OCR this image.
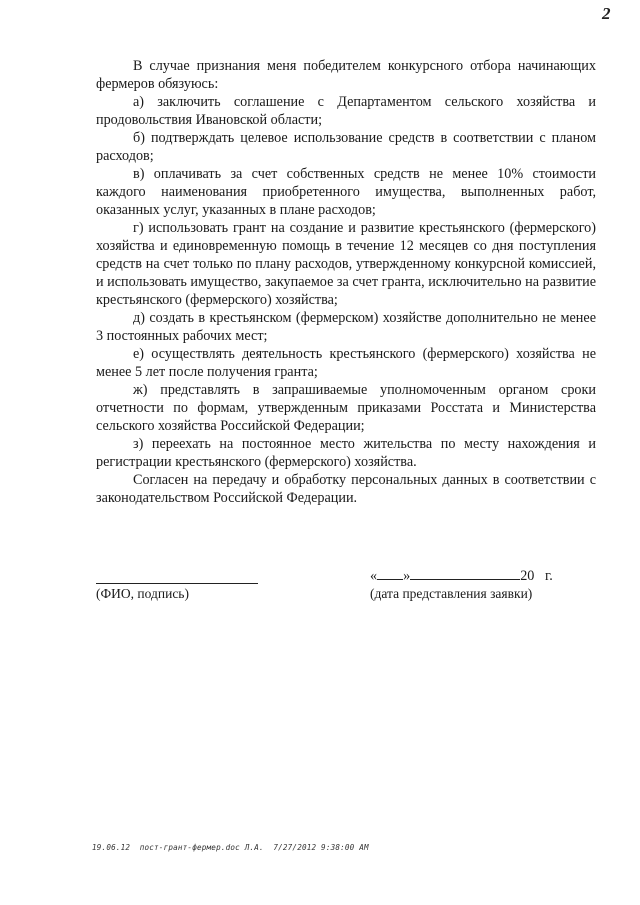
2

В случае признания меня победителем конкурсного отбора начинающих фермеров обязуюсь:

а) заключить соглашение с Департаментом сельского хозяйства и продовольствия Ивановской области;

б) подтверждать целевое использование средств в соответствии с планом расходов;

в) оплачивать за счет собственных средств не менее 10% стоимости каждого наименования приобретенного имущества, выполненных работ, оказанных услуг, указанных в плане расходов;

г) использовать грант на создание и развитие крестьянского (фермерского) хозяйства и единовременную помощь в течение 12 месяцев со дня поступления средств на счет только по плану расходов, утвержденному конкурсной комиссией, и использовать имущество, закупаемое за счет гранта, исключительно на развитие крестьянского (фермерского) хозяйства;

д) создать в крестьянском (фермерском) хозяйстве дополнительно не менее 3 постоянных рабочих мест;

е) осуществлять деятельность крестьянского (фермерского) хозяйства не менее 5 лет после получения гранта;

ж) представлять в запрашиваемые уполномоченным органом сроки отчетности по формам, утвержденным приказами Росстата и Министерства сельского хозяйства Российской Федерации;

з) переехать на постоянное место жительства по месту нахождения и регистрации крестьянского (фермерского) хозяйства.

Согласен на передачу и обработку персональных данных в соответствии с законодательством Российской Федерации.

(ФИО, подпись)
« »	20   г.
(дата представления заявки)
19.06.12  пост-грант-фермер.doc Л.А.  7/27/2012 9:38:00 AM
